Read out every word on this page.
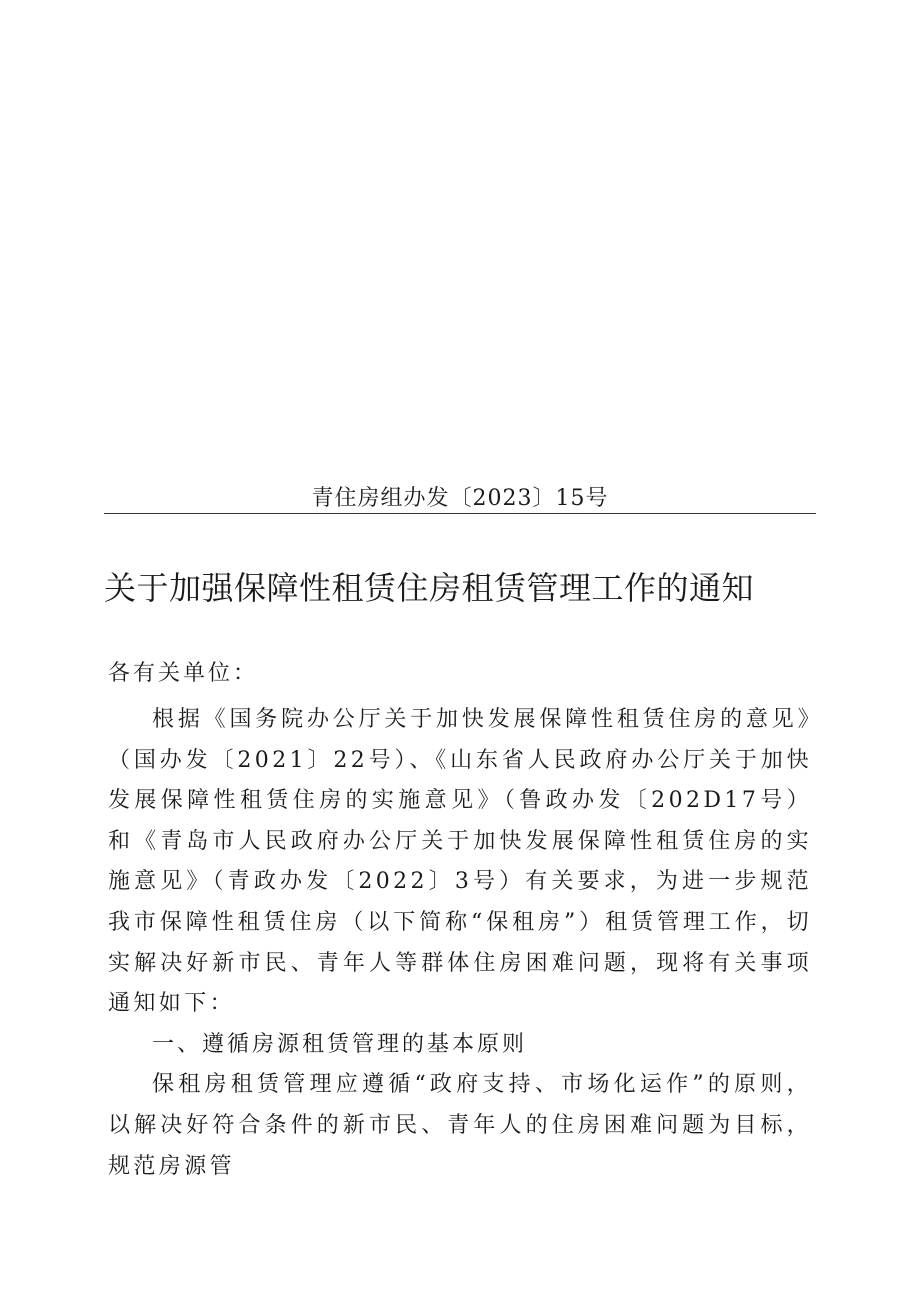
青住房组办发〔2023〕15号
关于加强保障性租赁住房租赁管理工作的通知
各有关单位：

根据《国务院办公厅关于加快发展保障性租赁住房的意见》（国办发〔2021〕22号）、《山东省人民政府办公厅关于加快发展保障性租赁住房的实施意见》（鲁政办发〔202D17号）和《青岛市人民政府办公厅关于加快发展保障性租赁住房的实施意见》（青政办发〔2022〕3号）有关要求，为进一步规范我市保障性租赁住房（以下简称“保租房”）租赁管理工作，切实解决好新市民、青年人等群体住房困难问题，现将有关事项通知如下：

一、遵循房源租赁管理的基本原则

保租房租赁管理应遵循“政府支持、市场化运作”的原则，以解决好符合条件的新市民、青年人的住房困难问题为目标，规范房源管
